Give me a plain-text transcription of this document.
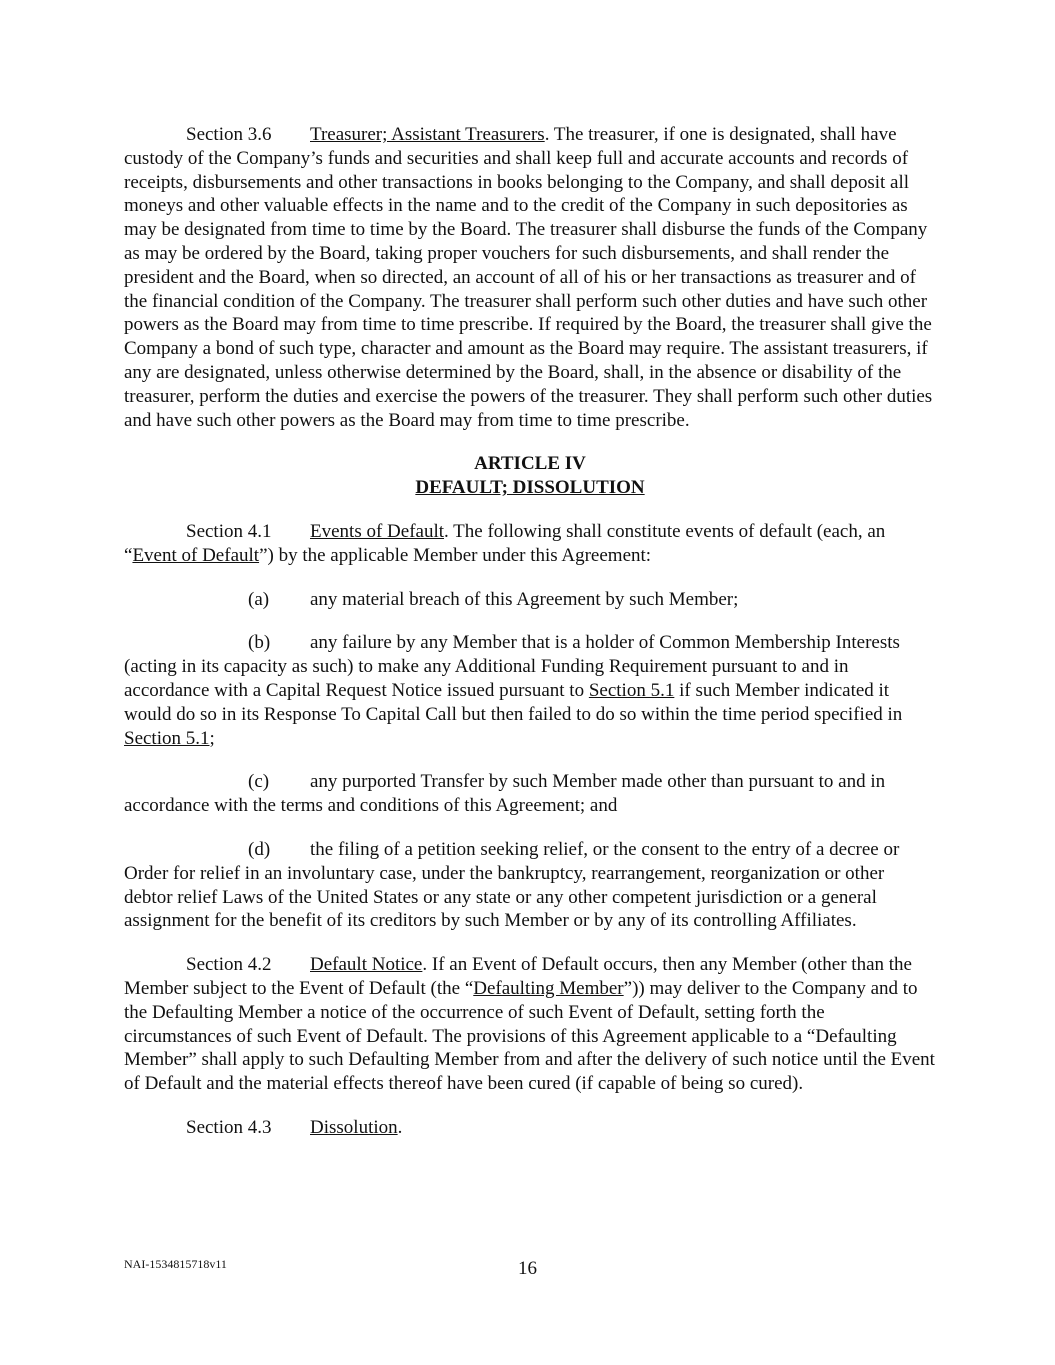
Section 3.6 Treasurer; Assistant Treasurers. The treasurer, if one is designated, shall have custody of the Company’s funds and securities and shall keep full and accurate accounts and records of receipts, disbursements and other transactions in books belonging to the Company, and shall deposit all moneys and other valuable effects in the name and to the credit of the Company in such depositories as may be designated from time to time by the Board. The treasurer shall disburse the funds of the Company as may be ordered by the Board, taking proper vouchers for such disbursements, and shall render the president and the Board, when so directed, an account of all of his or her transactions as treasurer and of the financial condition of the Company. The treasurer shall perform such other duties and have such other powers as the Board may from time to time prescribe. If required by the Board, the treasurer shall give the Company a bond of such type, character and amount as the Board may require. The assistant treasurers, if any are designated, unless otherwise determined by the Board, shall, in the absence or disability of the treasurer, perform the duties and exercise the powers of the treasurer. They shall perform such other duties and have such other powers as the Board may from time to time prescribe.

ARTICLE IV

DEFAULT; DISSOLUTION

Section 4.1 Events of Default. The following shall constitute events of default (each, an “Event of Default”) by the applicable Member under this Agreement:

(a) any material breach of this Agreement by such Member;

(b) any failure by any Member that is a holder of Common Membership Interests (acting in its capacity as such) to make any Additional Funding Requirement pursuant to and in accordance with a Capital Request Notice issued pursuant to Section 5.1 if such Member indicated it would do so in its Response To Capital Call but then failed to do so within the time period specified in Section 5.1;

(c) any purported Transfer by such Member made other than pursuant to and in accordance with the terms and conditions of this Agreement; and

(d) the filing of a petition seeking relief, or the consent to the entry of a decree or Order for relief in an involuntary case, under the bankruptcy, rearrangement, reorganization or other debtor relief Laws of the United States or any state or any other competent jurisdiction or a general assignment for the benefit of its creditors by such Member or by any of its controlling Affiliates.

Section 4.2 Default Notice. If an Event of Default occurs, then any Member (other than the Member subject to the Event of Default (the “Defaulting Member”)) may deliver to the Company and to the Defaulting Member a notice of the occurrence of such Event of Default, setting forth the circumstances of such Event of Default. The provisions of this Agreement applicable to a “Defaulting Member” shall apply to such Defaulting Member from and after the delivery of such notice until the Event of Default and the material effects thereof have been cured (if capable of being so cured).

Section 4.3 Dissolution.

NAI-1534815718v11	16
